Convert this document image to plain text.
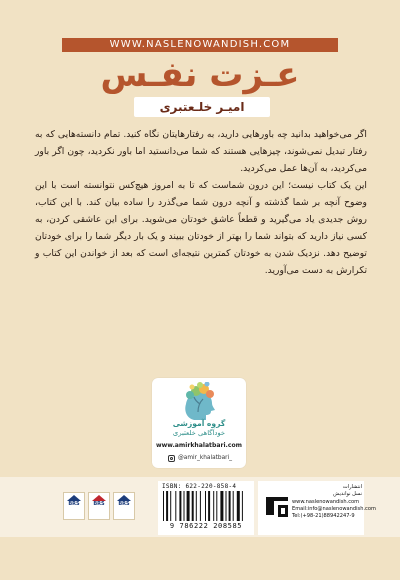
WWW.NASLENOWANDISH.COM
عـزت نفـس
امیـر خلـعتبری

اگر می‌خواهید بدانید چه باورهایی دارید، به رفتارهایتان نگاه کنید. تمام دانسته‌هایی که به رفتار تبدیل نمی‌شوند، چیزهایی هستند که شما می‌دانستید اما باور نکردید، چون اگر باور می‌کردید، به آن‌ها عمل می‌کردید.

این یک کتاب نیست؛ این درون شماست که تا به امروز هیچ‌کس نتوانسته است با این وضوح آنچه بر شما گذشته و آنچه درون شما می‌گذرد را ساده بیان کند. با این کتاب، روش جدیدی یاد می‌گیرید و قطعاً عاشق خودتان می‌شوید. برای این عاشقی کردن، به کسی نیاز دارید که بتواند شما را بهتر از خودتان ببیند و یک بار دیگر شما را برای خودتان توضیح دهد. نزدیک شدن به خودتان کمترین نتیجه‌ای است که بعد از خواندن این کتاب و تکرارش به دست می‌آورید.

گروه آموزشی
خودآگاهی خلعتبری
www.amirkhalatbari.com
@amir_khalatbari_
BRS	BRS	BRS
ISBN: 622-220-858-4
9 786222 208585
انتشارات
نسل نواندیش
www.naslenowandish.com
Email:info@naslenowandish.com
Tel:(+98-21)88942247-9
